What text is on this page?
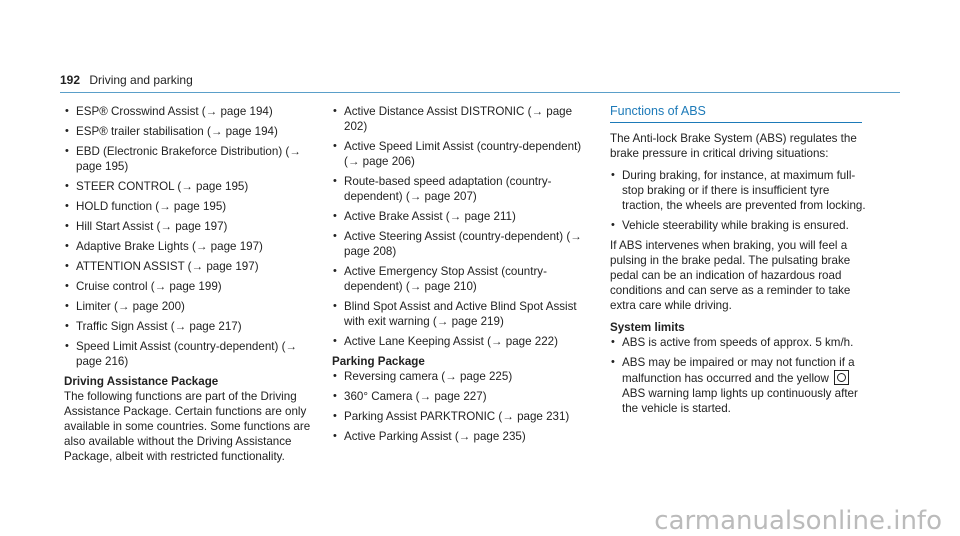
192 Driving and parking
• ESP® Crosswind Assist (→ page 194)
• ESP® trailer stabilisation (→ page 194)
• EBD (Electronic Brakeforce Distribution) (→ page 195)
• STEER CONTROL (→ page 195)
• HOLD function (→ page 195)
• Hill Start Assist (→ page 197)
• Adaptive Brake Lights (→ page 197)
• ATTENTION ASSIST (→ page 197)
• Cruise control (→ page 199)
• Limiter (→ page 200)
• Traffic Sign Assist (→ page 217)
• Speed Limit Assist (country-dependent) (→ page 216)
Driving Assistance Package

The following functions are part of the Driving Assistance Package. Certain functions are only available in some countries. Some functions are also available without the Driving Assistance Package, albeit with restricted functionality.

• Active Distance Assist DISTRONIC (→ page 202)
• Active Speed Limit Assist (country-dependent) (→ page 206)
• Route-based speed adaptation (country-dependent) (→ page 207)
• Active Brake Assist (→ page 211)
• Active Steering Assist (country-dependent) (→ page 208)
• Active Emergency Stop Assist (country-dependent) (→ page 210)
• Blind Spot Assist and Active Blind Spot Assist with exit warning (→ page 219)
• Active Lane Keeping Assist (→ page 222)
Parking Package
• Reversing camera (→ page 225)
• 360° Camera (→ page 227)
• Parking Assist PARKTRONIC (→ page 231)
• Active Parking Assist (→ page 235)
Functions of ABS

The Anti-lock Brake System (ABS) regulates the brake pressure in critical driving situations:

• During braking, for instance, at maximum full-stop braking or if there is insufficient tyre traction, the wheels are prevented from locking.
• Vehicle steerability while braking is ensured.

If ABS intervenes when braking, you will feel a pulsing in the brake pedal. The pulsating brake pedal can be an indication of hazardous road conditions and can serve as a reminder to take extra care while driving.

System limits
• ABS is active from speeds of approx. 5 km/h.
• ABS may be impaired or may not function if a malfunction has occurred and the yellow  ABS warning lamp lights up continuously after the vehicle is started.
carmanualsonline.info
